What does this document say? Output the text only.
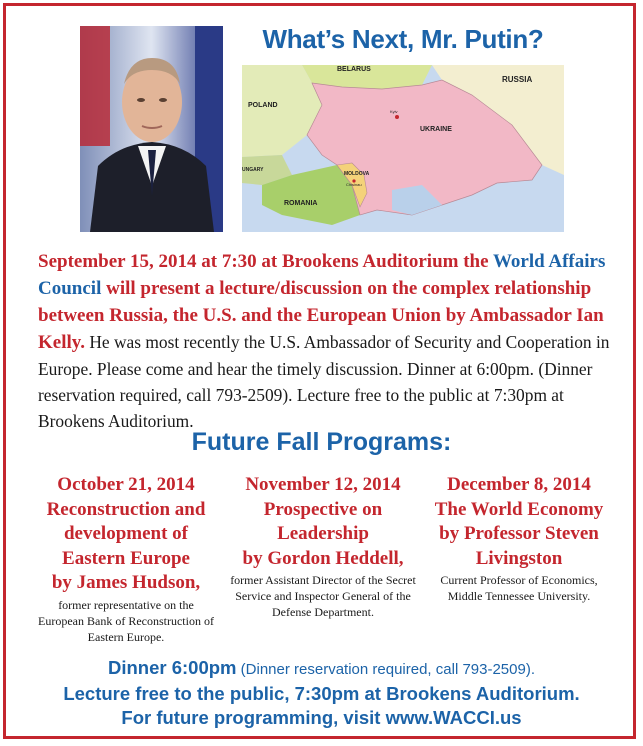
What’s Next, Mr. Putin?
BELARUS
RUSSIA
POLAND
UKRAINE
Kyiv
MOLDOVA
Chisinau
UNGARY
ROMANIA
September 15, 2014 at 7:30 at Brookens Auditorium the World Affairs Council will present a lecture/discussion on the complex relationship between Russia, the U.S. and the European Union by Ambassador Ian Kelly. He was most recently the U.S. Ambassador of Security and Cooperation in Europe. Please come and hear the timely discussion. Dinner at 6:00pm. (Dinner reservation required, call 793-2509). Lecture free to the public at 7:30pm at Brookens Auditorium.
Future Fall Programs:
October 21, 2014
Reconstruction and development of Eastern Europe
by James Hudson,
former representative on the European Bank of Reconstruction of Eastern Europe.
November 12, 2014
Prospective on Leadership
by Gordon Heddell,
former Assistant Director of the Secret Service and Inspector General of the Defense Department.
December 8, 2014
The World Economy
by Professor Steven Livingston
Current Professor of Economics, Middle Tennessee University.
Dinner 6:00pm (Dinner reservation required, call 793-2509).
Lecture free to the public, 7:30pm at Brookens Auditorium.
For future programming, visit www.WACCI.us
